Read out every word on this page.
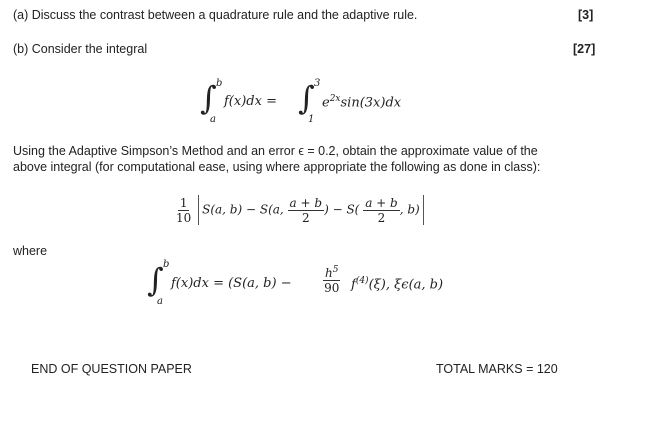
(a) Discuss the contrast between a quadrature rule and the adaptive rule.	[3]
(b) Consider the integral	[27]
∫ b
a
f(x)dx = ∫ 3
1
$e^{2x}\sin(3x)dx$
Using the Adaptive Simpson’s Method and an error ϵ = 0.2, obtain the approximate value of the
above integral (for computational ease, using where appropriate the following as done in class):
$\frac{1}{10} S(a$, b) − S(a, $\frac{a + b}{2}$ ) − $S( \frac{a + b}{2}$ , b)
where
∫ b
a
f(x)dx = (S(a, b) −	$\frac{h^5}{90} f^{(4)}(\xi)$, ξϵ(a, b)
END OF QUESTION PAPER	TOTAL MARKS = 120
